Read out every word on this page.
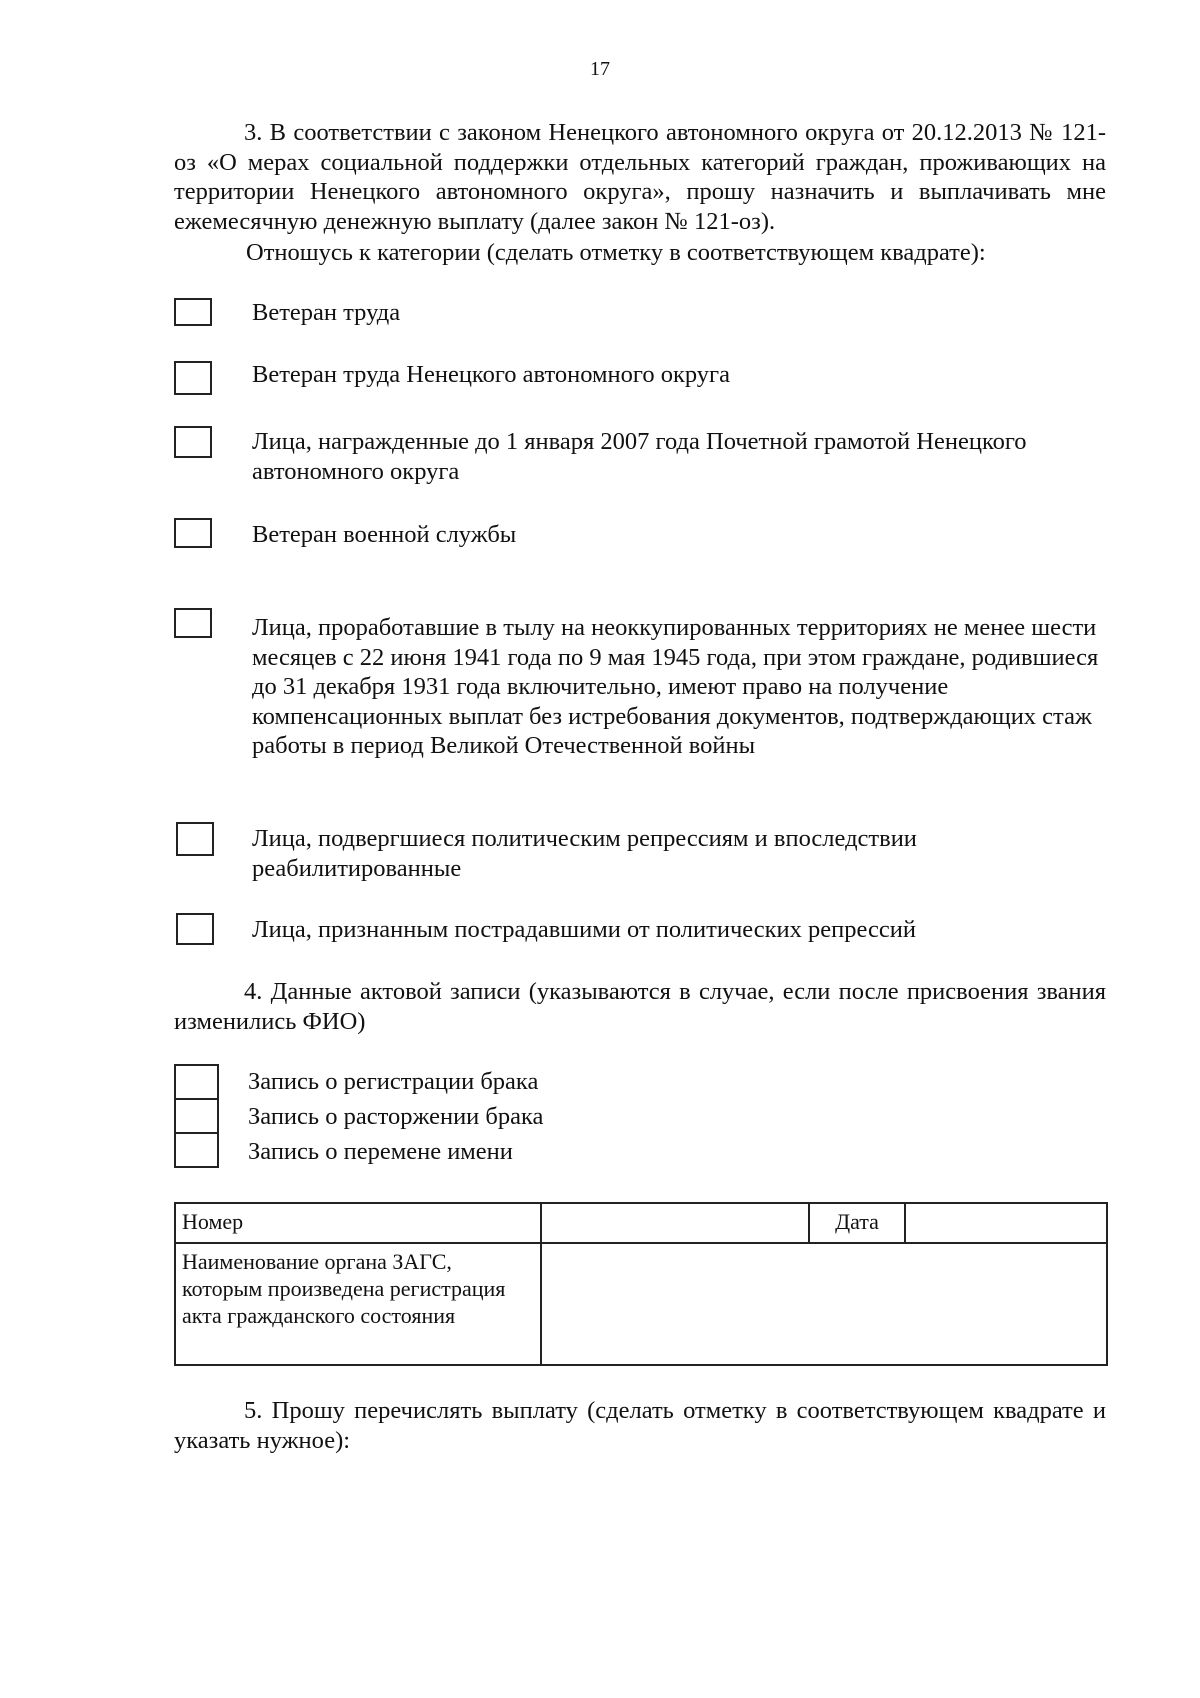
17
3. В соответствии с законом Ненецкого автономного округа от 20.12.2013 № 121-оз «О мерах социальной поддержки отдельных категорий граждан, проживающих на территории Ненецкого автономного округа», прошу назначить и выплачивать мне ежемесячную денежную выплату (далее закон № 121-оз).
Отношусь к категории (сделать отметку в соответствующем квадрате):
Ветеран труда
Ветеран труда Ненецкого автономного округа
Лица, награжденные до 1 января 2007 года Почетной грамотой Ненецкого автономного округа
Ветеран военной службы
Лица, проработавшие в тылу на неоккупированных территориях не менее шести месяцев с 22 июня 1941 года по 9 мая 1945 года, при этом граждане, родившиеся до 31 декабря 1931 года включительно, имеют право на получение компенсационных выплат без истребования документов, подтверждающих стаж работы в период Великой Отечественной войны
Лица, подвергшиеся политическим репрессиям и впоследствии реабилитированные
Лица, признанным пострадавшими от политических репрессий
4. Данные актовой записи (указываются в случае, если после присвоения звания изменились ФИО)
Запись о регистрации брака
Запись о расторжении брака
Запись о перемене имени
Номер		Дата	
Наименование органа ЗАГС, которым произведена регистрация акта гражданского состояния			
5. Прошу перечислять выплату (сделать отметку в соответствующем квадрате и указать нужное):
